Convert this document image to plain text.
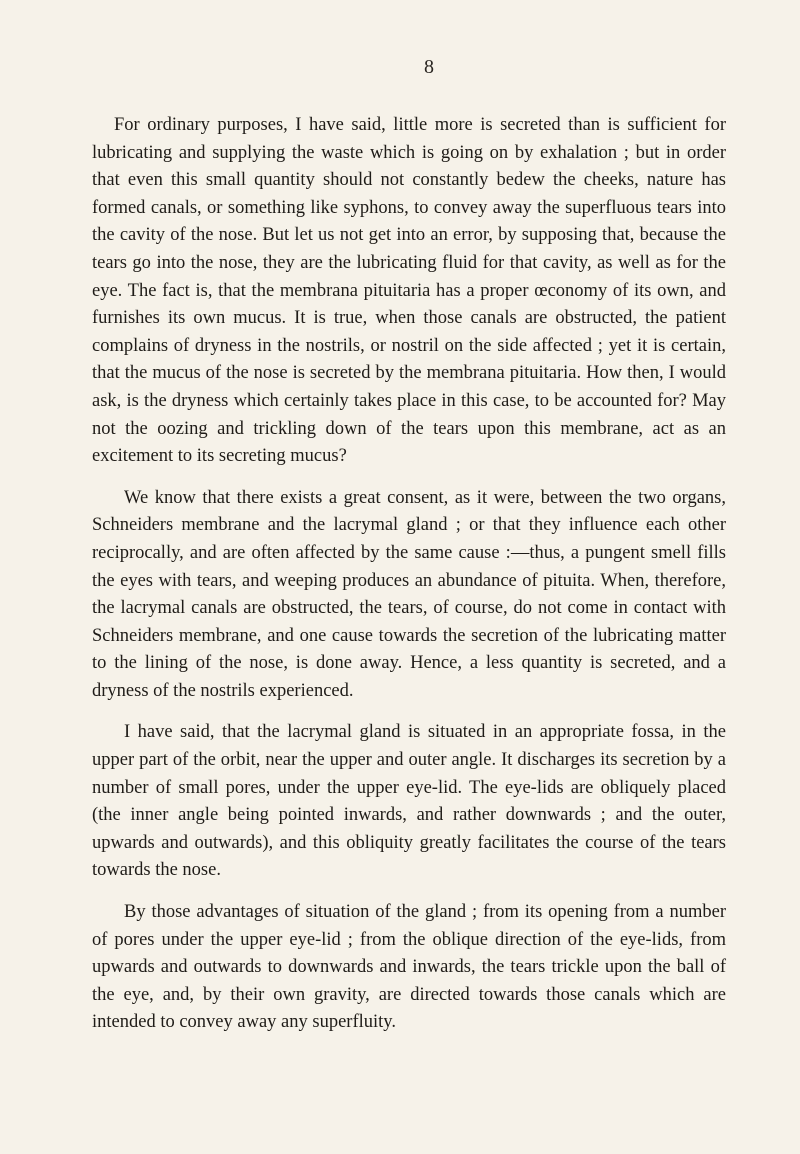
8

For ordinary purposes, I have said, little more is secreted than is sufficient for lubricating and supplying the waste which is going on by exhalation ; but in order that even this small quantity should not constantly bedew the cheeks, nature has formed canals, or something like syphons, to convey away the superfluous tears into the cavity of the nose. But let us not get into an error, by supposing that, because the tears go into the nose, they are the lubricating fluid for that cavity, as well as for the eye. The fact is, that the membrana pituitaria has a proper œconomy of its own, and furnishes its own mucus. It is true, when those canals are obstructed, the patient complains of dryness in the nostrils, or nostril on the side affected ; yet it is certain, that the mucus of the nose is secreted by the membrana pituitaria. How then, I would ask, is the dryness which certainly takes place in this case, to be accounted for? May not the oozing and trickling down of the tears upon this membrane, act as an excitement to its secreting mucus?

We know that there exists a great consent, as it were, between the two organs, Schneiders membrane and the lacrymal gland ; or that they influence each other reciprocally, and are often affected by the same cause :—thus, a pungent smell fills the eyes with tears, and weeping produces an abundance of pituita. When, therefore, the lacrymal canals are obstructed, the tears, of course, do not come in contact with Schneiders membrane, and one cause towards the secretion of the lubricating matter to the lining of the nose, is done away. Hence, a less quantity is secreted, and a dryness of the nostrils experienced.

I have said, that the lacrymal gland is situated in an appropriate fossa, in the upper part of the orbit, near the upper and outer angle. It discharges its secretion by a number of small pores, under the upper eye-lid. The eye-lids are obliquely placed (the inner angle being pointed inwards, and rather downwards ; and the outer, upwards and outwards), and this obliquity greatly facilitates the course of the tears towards the nose.

By those advantages of situation of the gland ; from its opening from a number of pores under the upper eye-lid ; from the oblique direction of the eye-lids, from upwards and outwards to downwards and inwards, the tears trickle upon the ball of the eye, and, by their own gravity, are directed towards those canals which are intended to convey away any superfluity.
